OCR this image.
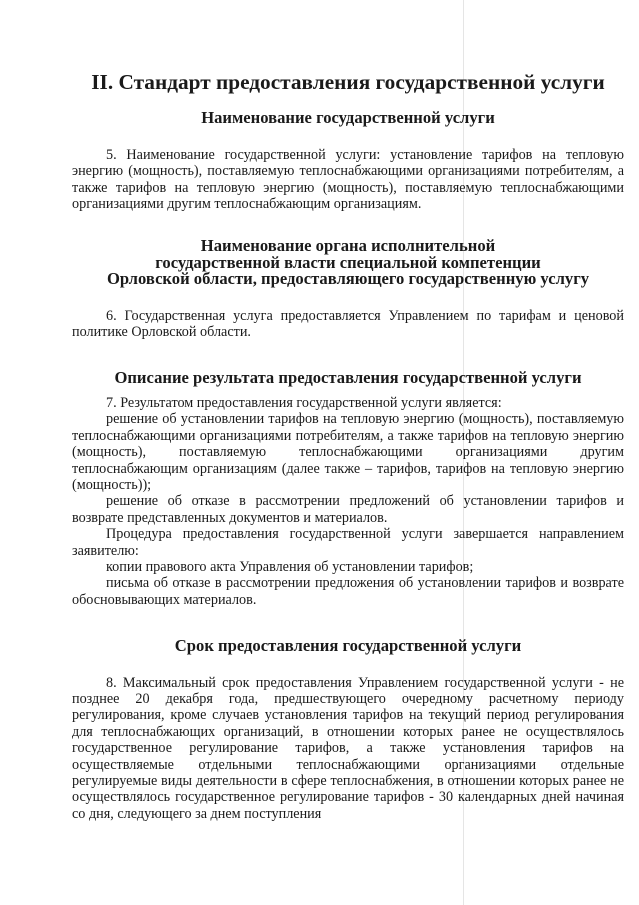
II. Стандарт предоставления государственной услуги
Наименование государственной услуги

5. Наименование государственной услуги: установление тарифов на тепловую энергию (мощность), поставляемую теплоснабжающими организациями потребителям, а также тарифов на тепловую энергию (мощность), поставляемую теплоснабжающими организациями другим теплоснабжающим организациям.

Наименование органа исполнительной
государственной власти специальной компетенции
Орловской области, предоставляющего государственную услугу

6. Государственная услуга предоставляется Управлением по тарифам и ценовой политике Орловской области.

Описание результата предоставления государственной услуги

7. Результатом предоставления государственной услуги является:

решение об установлении тарифов на тепловую энергию (мощность), поставляемую теплоснабжающими организациями потребителям, а также тарифов на тепловую энергию (мощность), поставляемую теплоснабжающими организациями другим теплоснабжающим организациям (далее также – тарифов, тарифов на тепловую энергию (мощность));

решение об отказе в рассмотрении предложений об установлении тарифов и возврате представленных документов и материалов.

Процедура предоставления государственной услуги завершается направлением заявителю:

копии правового акта Управления об установлении тарифов;

письма об отказе в рассмотрении предложения об установлении тарифов и возврате обосновывающих материалов.

Срок предоставления государственной услуги

8. Максимальный срок предоставления Управлением государственной услуги - не позднее 20 декабря года, предшествующего очередному расчетному периоду регулирования, кроме случаев установления тарифов на текущий период регулирования для теплоснабжающих организаций, в отношении которых ранее не осуществлялось государственное регулирование тарифов, а также установления тарифов на осуществляемые отдельными теплоснабжающими организациями отдельные регулируемые виды деятельности в сфере теплоснабжения, в отношении которых ранее не осуществлялось государственное регулирование тарифов - 30 календарных дней начиная со дня, следующего за днем поступления
